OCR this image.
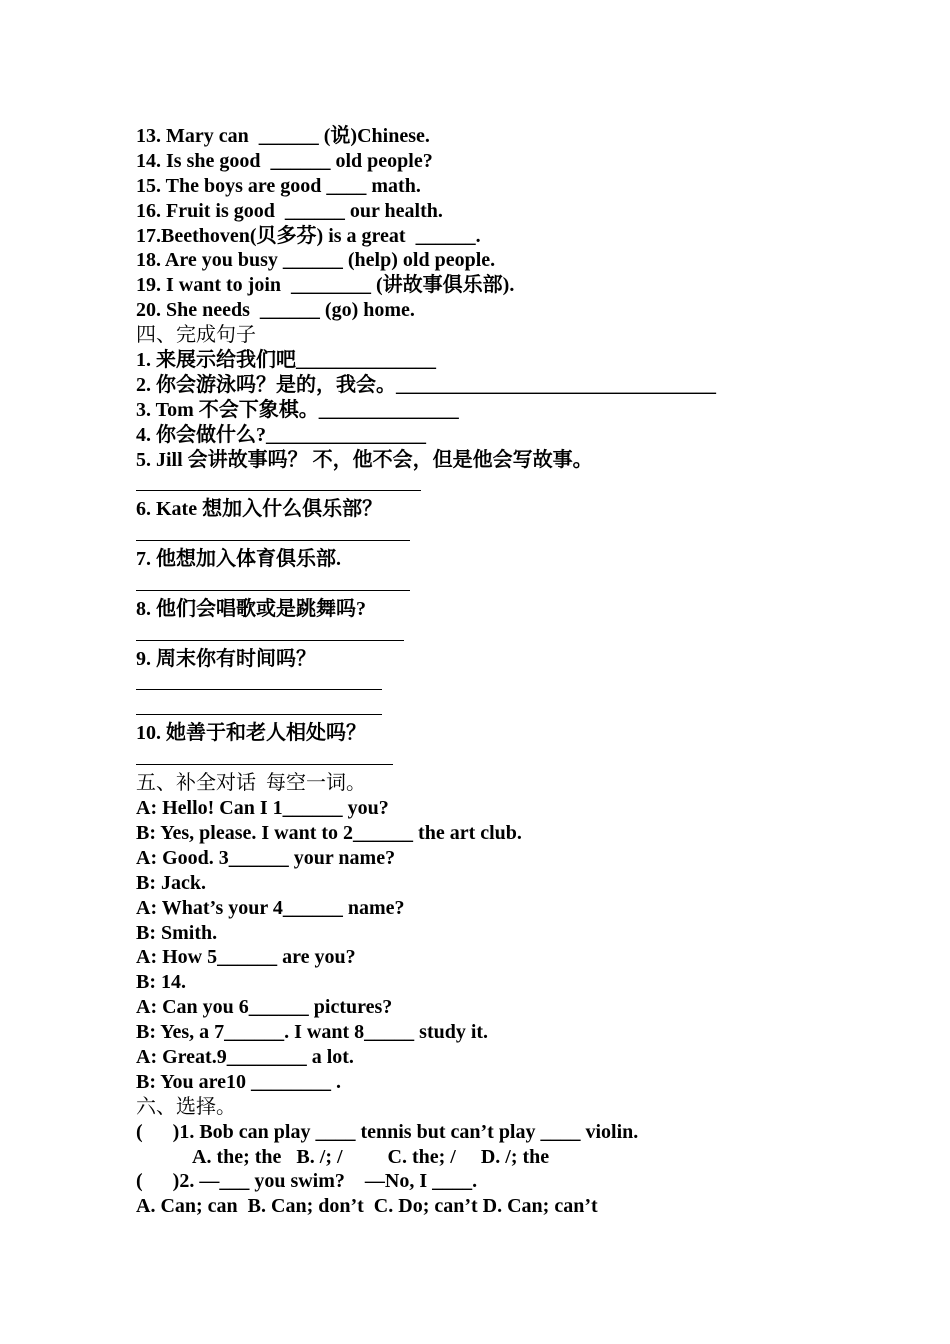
13. Mary can  ______ (说)Chinese.
14. Is she good  ______ old people?
15. The boys are good ____ math.
16. Fruit is good  ______ our health.
17.Beethoven(贝多芬) is a great  ______.
18. Are you busy ______ (help) old people.
19. I want to join  ________ (讲故事俱乐部).
20. She needs  ______ (go) home.
四、完成句子
1. 来展示给我们吧______________
2. 你会游泳吗？是的，我会。________________________________
3. Tom 不会下象棋。______________
4. 你会做什么?________________
5. Jill 会讲故事吗？ 不，他不会，但是他会写故事。
6. Kate 想加入什么俱乐部？
7. 他想加入体育俱乐部.
8. 他们会唱歌或是跳舞吗?
9. 周末你有时间吗？
10. 她善于和老人相处吗？
五、补全对话  每空一词。
A: Hello! Can I 1______ you?
B: Yes, please. I want to 2______ the art club.
A: Good. 3______ your name?
B: Jack.
A: What’s your 4______ name?
B: Smith.
A: How 5______ are you?
B: 14.
A: Can you 6______ pictures?
B: Yes, a 7______. I want 8_____ study it.
A: Great.9________ a lot.
B: You are10 ________ .
六、选择。
(      )1. Bob can play ____ tennis but can’t play ____ violin.
A. the; the   B. /; /         C. the; /     D. /; the
(      )2. —___ you swim?    —No, I ____.
A. Can; can  B. Can; don’t  C. Do; can’t D. Can; can’t
